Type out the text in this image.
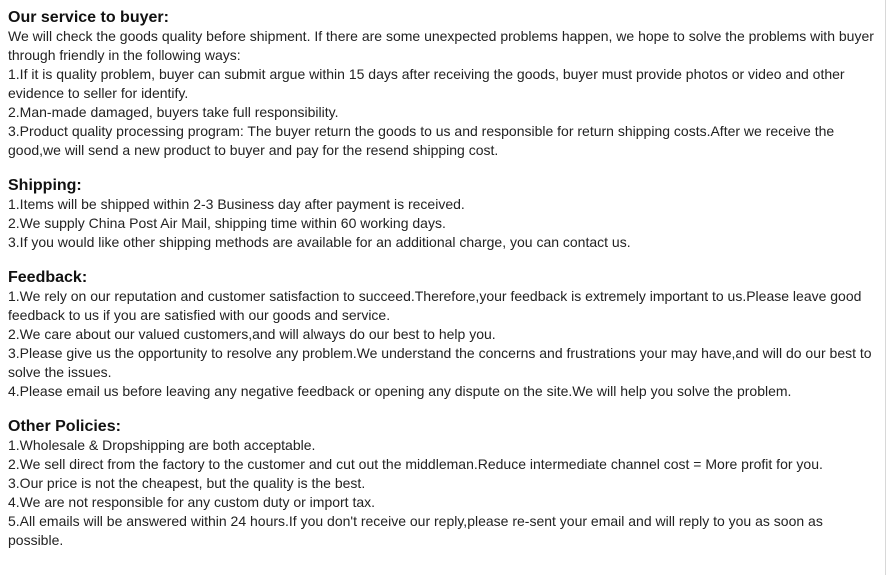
Our service to buyer:

We will check the goods quality before shipment. If there are some unexpected problems happen, we hope to solve the problems with buyer through friendly in the following ways:

1.If it is quality problem, buyer can submit argue within 15 days after receiving the goods, buyer must provide photos or video and other evidence to seller for identify.

2.Man-made damaged, buyers take full responsibility.

3.Product quality processing program: The buyer return the goods to us and responsible for return shipping costs.After we receive the good,we will send a new product to buyer and pay for the resend shipping cost.

Shipping:

1.Items will be shipped within 2-3 Business day after payment is received.

2.We supply China Post Air Mail, shipping time within 60 working days.

3.If you would like other shipping methods are available for an additional charge, you can contact us.

Feedback:

1.We rely on our reputation and customer satisfaction to succeed.Therefore,your feedback is extremely important to us.Please leave good feedback to us if you are satisfied with our goods and service.

2.We care about our valued customers,and will always do our best to help you.

3.Please give us the opportunity to resolve any problem.We understand the concerns and frustrations your may have,and will do our best to solve the issues.

4.Please email us before leaving any negative feedback or opening any dispute on the site.We will help you solve the problem.

Other Policies:

1.Wholesale & Dropshipping are both acceptable.

2.We sell direct from the factory to the customer and cut out the middleman.Reduce intermediate channel cost = More profit for you.

3.Our price is not the cheapest, but the quality is the best.

4.We are not responsible for any custom duty or import tax.

5.All emails will be answered within 24 hours.If you don't receive our reply,please re-sent your email and will reply to you as soon as possible.
